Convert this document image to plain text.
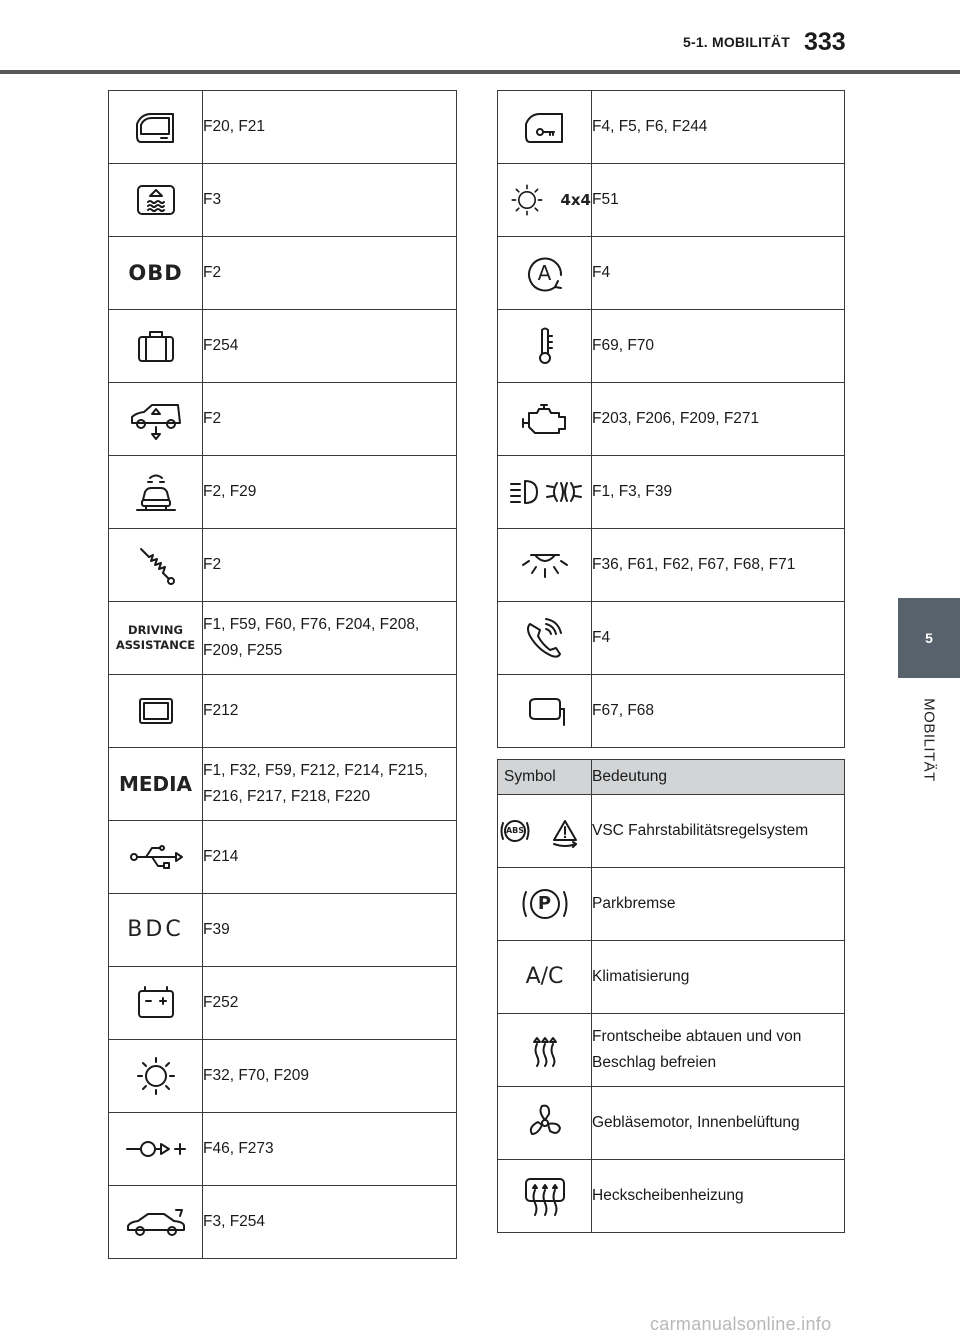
5-1. MOBILITÄT 333
5
MOBILITÄT
	F20, F21

	F3

OBD	F2

	F254

	F2

	F2, F29

	F2

DRIVING
ASSISTANCE	F1, F59, F60, F76, F204, F208, F209, F255

	F212

MEDIA	F1, F32, F59, F212, F214, F215, F216, F217, F218, F220

	F214

BDC	F39

	F252

	F32, F70, F209

	F46, F273

	F3, F254
	F4, F5, F6, F244

4x4	F51

A	F4

	F69, F70

	F203, F206, F209, F271

	F1, F3, F39

	F36, F61, F62, F67, F68, F71

	F4

	F67, F68
Symbol	Bedeutung

ABS	VSC Fahrstabilitätsregelsystem

P	Parkbremse

A/C	Klimatisierung

	Frontscheibe abtauen und von Beschlag befreien

	Gebläsemotor, Innenbelüftung

	Heckscheibenheizung
carmanualsonline.info
